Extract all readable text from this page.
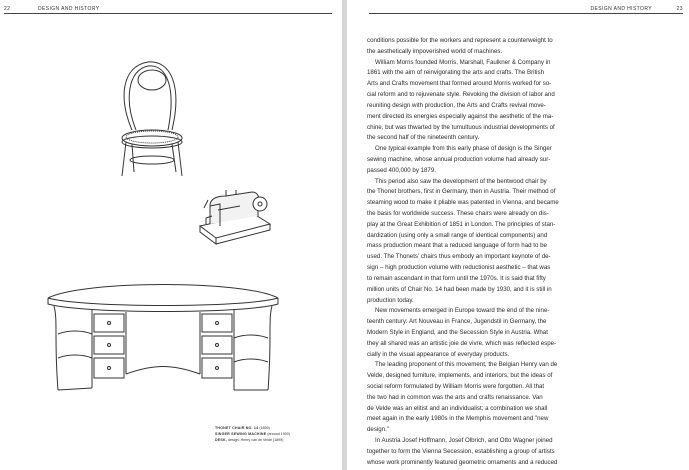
22	DESIGN AND HISTORY
THONET CHAIR NO. 14 (1859)
SINGER SEWING MACHINE (around 1900)
DESK, design: Henry van de Velde (1899)
DESIGN AND HISTORY	23
conditions possible for the workers and represent a counterweight to
the aesthetically impoverished world of machines.
William Morris founded Morris, Marshall, Faulkner & Company in
1861 with the aim of reinvigorating the arts and crafts. The British
Arts and Crafts movement that formed around Morris worked for so-
cial reform and to rejuvenate style. Revoking the division of labor and
reuniting design with production, the Arts and Crafts revival move-
ment directed its energies especially against the aesthetic of the ma-
chine, but was thwarted by the tumultuous industrial developments of
the second half of the nineteenth century.
One typical example from this early phase of design is the Singer
sewing machine, whose annual production volume had already sur-
passed 400,000 by 1879.
This period also saw the development of the bentwood chair by
the Thonet brothers, first in Germany, then in Austria. Their method of
steaming wood to make it pliable was patented in Vienna, and became
the basis for worldwide success. These chairs were already on dis-
play at the Great Exhibition of 1851 in London. The principles of stan-
dardization (using only a small range of identical components) and
mass production meant that a reduced language of form had to be
used. The Thonets' chairs thus embody an important keynote of de-
sign – high production volume with reductionist aesthetic – that was
to remain ascendant in that form until the 1970s. It is said that fifty
million units of Chair No. 14 had been made by 1930, and it is still in
production today.
New movements emerged in Europe toward the end of the nine-
teenth century: Art Nouveau in France, Jugendstil in Germany, the
Modern Style in England, and the Secession Style in Austria. What
they all shared was an artistic joie de vivre, which was reflected espe-
cially in the visual appearance of everyday products.
The leading proponent of this movement, the Belgian Henry van de
Velde, designed furniture, implements, and interiors, but the ideas of
social reform formulated by William Morris were forgotten. All that
the two had in common was the arts and crafts renaissance. Van
de Velde was an elitist and an individualist; a combination we shall
meet again in the early 1980s in the Memphis movement and "new
design."
In Austria Josef Hoffmann, Josef Olbrich, and Otto Wagner joined
together to form the Vienna Secession, establishing a group of artists
whose work prominently featured geometric ornaments and a reduced
